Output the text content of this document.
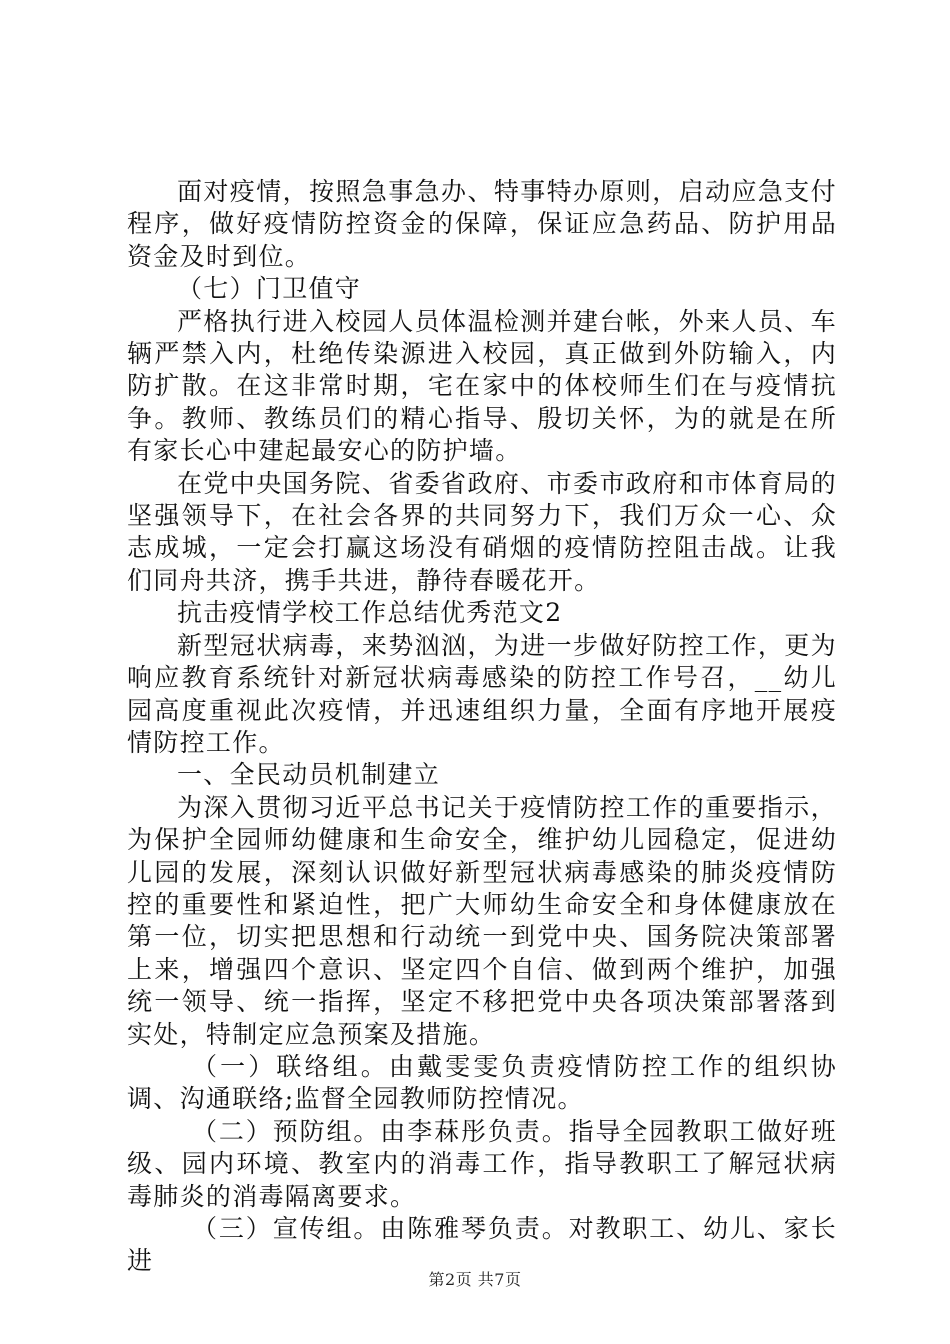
面对疫情，按照急事急办、特事特办原则，启动应急支付程序，做好疫情防控资金的保障，保证应急药品、防护用品资金及时到位。

（七）门卫值守

严格执行进入校园人员体温检测并建台帐，外来人员、车辆严禁入内，杜绝传染源进入校园，真正做到外防输入，内防扩散。在这非常时期，宅在家中的体校师生们在与疫情抗争。教师、教练员们的精心指导、殷切关怀，为的就是在所有家长心中建起最安心的防护墙。

在党中央国务院、省委省政府、市委市政府和市体育局的坚强领导下，在社会各界的共同努力下，我们万众一心、众志成城，一定会打赢这场没有硝烟的疫情防控阻击战。让我们同舟共济，携手共进，静待春暖花开。

抗击疫情学校工作总结优秀范文2

新型冠状病毒，来势汹汹，为进一步做好防控工作，更为响应教育系统针对新冠状病毒感染的防控工作号召，__幼儿园高度重视此次疫情，并迅速组织力量，全面有序地开展疫情防控工作。

一、全民动员机制建立

为深入贯彻习近平总书记关于疫情防控工作的重要指示，为保护全园师幼健康和生命安全，维护幼儿园稳定，促进幼儿园的发展，深刻认识做好新型冠状病毒感染的肺炎疫情防控的重要性和紧迫性，把广大师幼生命安全和身体健康放在第一位，切实把思想和行动统一到党中央、国务院决策部署上来，增强四个意识、坚定四个自信、做到两个维护，加强统一领导、统一指挥，坚定不移把党中央各项决策部署落到实处，特制定应急预案及措施。

（一）联络组。由戴雯雯负责疫情防控工作的组织协调、沟通联络;监督全园教师防控情况。

（二）预防组。由李菻彤负责。指导全园教职工做好班级、园内环境、教室内的消毒工作，指导教职工了解冠状病毒肺炎的消毒隔离要求。

（三）宣传组。由陈雅琴负责。对教职工、幼儿、家长进

第2页 共7页
